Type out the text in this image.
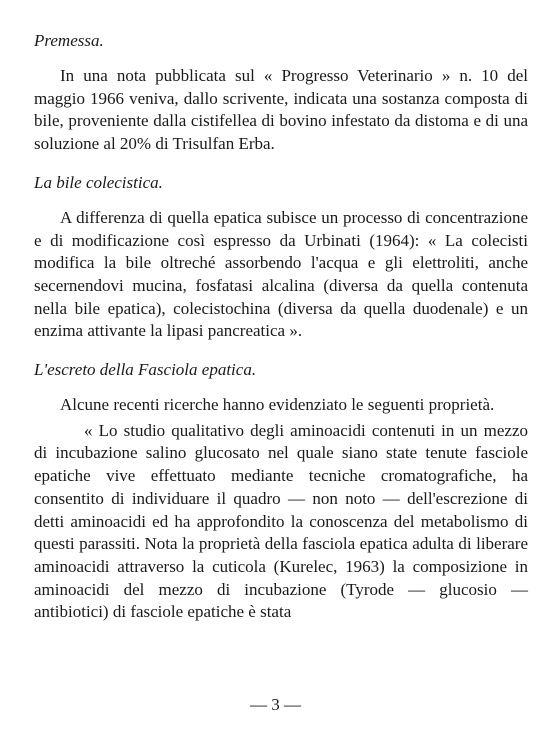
Premessa.

In una nota pubblicata sul « Progresso Veterinario » n. 10 del maggio 1966 veniva, dallo scrivente, indicata una sostanza composta di bile, proveniente dalla cistifellea di bovino infestato da distoma e di una soluzione al 20% di Trisulfan Erba.

La bile colecistica.

A differenza di quella epatica subisce un processo di concentrazione e di modificazione così espresso da Urbinati (1964): « La colecisti modifica la bile oltreché assorbendo l'acqua e gli elettroliti, anche secernendovi mucina, fosfatasi alcalina (diversa da quella contenuta nella bile epatica), colecistochina (diversa da quella duodenale) e un enzima attivante la lipasi pancreatica ».

L'escreto della Fasciola epatica.

Alcune recenti ricerche hanno evidenziato le seguenti proprietà.

« Lo studio qualitativo degli aminoacidi contenuti in un mezzo di incubazione salino glucosato nel quale siano state tenute fasciole epatiche vive effettuato mediante tecniche cromatografiche, ha consentito di individuare il quadro — non noto — dell'escrezione di detti aminoacidi ed ha approfondito la conoscenza del metabolismo di questi parassiti. Nota la proprietà della fasciola epatica adulta di liberare aminoacidi attraverso la cuticola (Kurelec, 1963) la composizione in aminoacidi del mezzo di incubazione (Tyrode — glucosio — antibiotici) di fasciole epatiche è stata

— 3 —
